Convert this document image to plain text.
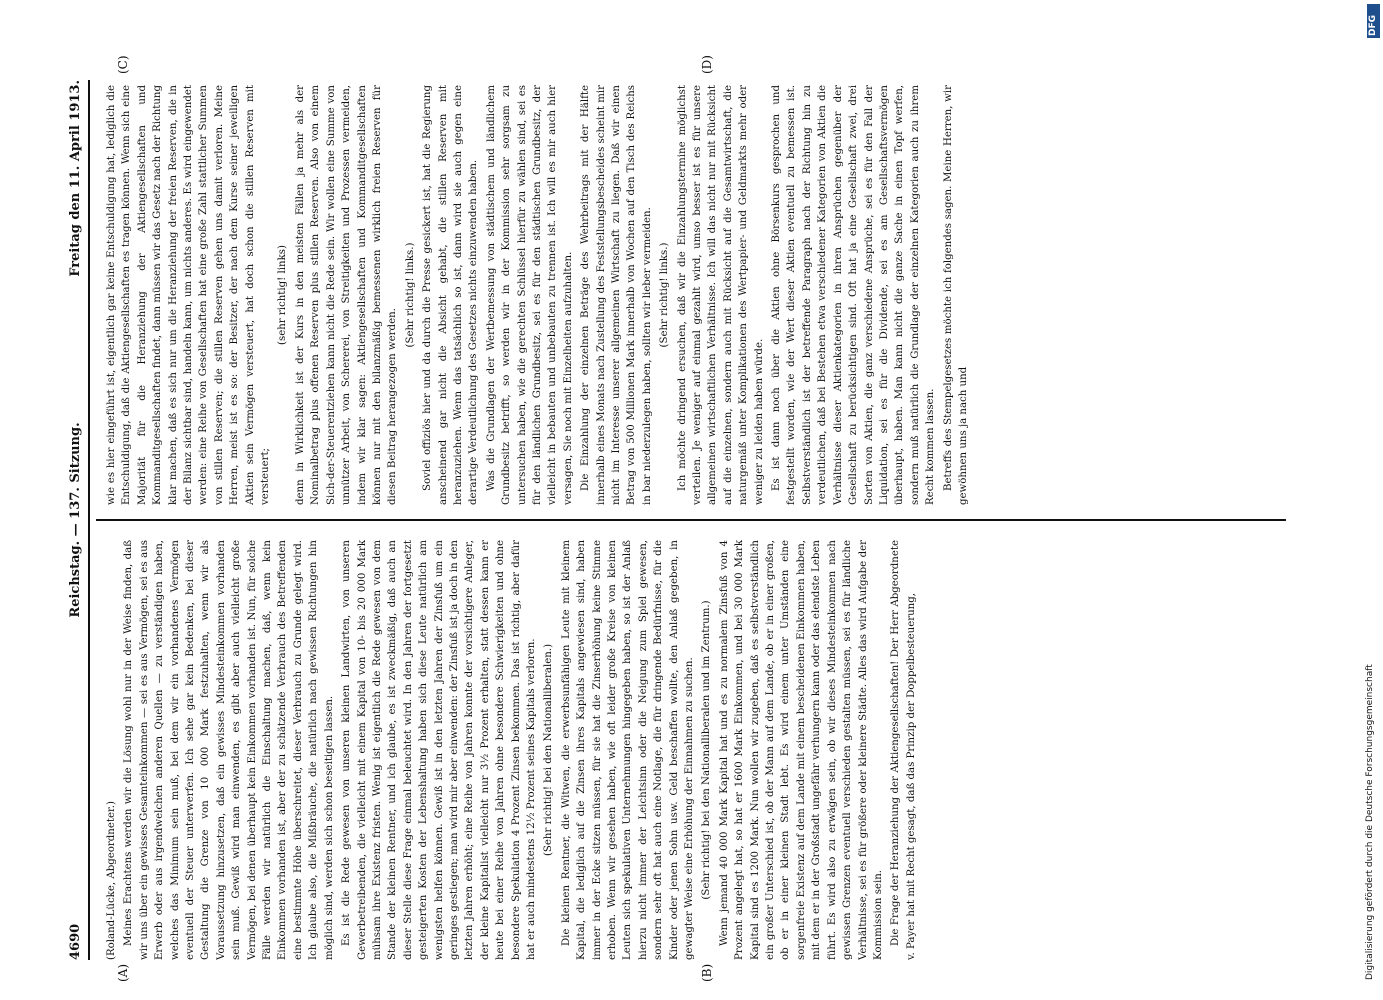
4690
Reichstag. — 137. Sitzung.
Freitag den 11. April 1913.
(A)	(B)
(C)	(D)

(Roland-Lücke, Abgeordneter.) Meines Erachtens werden wir die Lösung wohl nur in der Weise finden, daß wir uns über ein gewisses Gesamteinkommen — sei es aus Vermögen, sei es aus Erwerb oder aus irgendwelchen anderen Quellen — zu verständigen haben, welches das Minimum sein muß, bei dem wir ein vorhandenes Vermögen eventuell der Steuer unterwerfen. Ich sehe gar kein Bedenken, bei dieser Gestaltung die Grenze von 10 000 Mark festzuhalten, wenn wir als Voraussetzung hinzusetzen, daß ein gewisses Mindesteinkommen vorhanden sein muß. Gewiß wird man einwenden, es gibt aber auch vielleicht große Vermögen, bei denen überhaupt kein Einkommen vorhanden ist. Nun, für solche Fälle werden wir natürlich die Einschaltung machen, daß, wenn kein Einkommen vorhanden ist, aber der zu schätzende Verbrauch des Betreffenden eine bestimmte Höhe überschreitet, dieser Verbrauch zu Grunde gelegt wird. Ich glaube also, die Mißbräuche, die natürlich nach gewissen Richtungen hin möglich sind, werden sich schon beseitigen lassen. Es ist die Rede gewesen von unseren kleinen Landwirten, von unseren Gewerbetreibenden, die vielleicht mit einem Kapital von 10- bis 20 000 Mark mühsam ihre Existenz fristen. Wenig ist eigentlich die Rede gewesen von dem Stande der kleinen Rentner, und ich glaube, es ist zweckmäßig, daß auch an dieser Stelle diese Frage einmal beleuchtet wird. In den Jahren der fortgesetzt gesteigerten Kosten der Lebenshaltung haben sich diese Leute natürlich am wenigsten helfen können. Gewiß ist in den letzten Jahren der Zinsfuß um ein geringes gestiegen; man wird mir aber einwenden: der Zinsfuß ist ja doch in den letzten Jahren erhöht; eine Reihe von Jahren konnte der vorsichtigere Anleger, der kleine Kapitalist vielleicht nur 3½ Prozent erhalten, statt dessen kann er heute bei einer Reihe von Jahren ohne besondere Schwierigkeiten und ohne besondere Spekulation 4 Prozent Zinsen bekommen. Das ist richtig, aber dafür hat er auch mindestens 12½ Prozent seines Kapitals verloren. (Sehr richtig! bei den Nationalliberalen.) Die kleinen Rentner, die Witwen, die erwerbsunfähigen Leute mit kleinem Kapital, die lediglich auf die Zinsen ihres Kapitals angewiesen sind, haben immer in der Ecke sitzen müssen, für sie hat die Zinserhöhung keine Stimme erhoben. Wenn wir gesehen haben, wie oft leider große Kreise von kleinen Leuten sich spekulativen Unternehmungen hingegeben haben, so ist der Anlaß hierzu nicht immer der Leichtsinn oder die Neigung zum Spiel gewesen, sondern sehr oft hat auch eine Notlage, die für dringende Bedürfnisse, für die Kinder oder jenen Sohn usw. Geld beschaffen wollte, den Anlaß gegeben, in gewagter Weise eine Erhöhung der Einnahmen zu suchen. (Sehr richtig! bei den Nationalliberalen und im Zentrum.) Wenn jemand 40 000 Mark Kapital hat und es zu normalem Zinsfuß von 4 Prozent angelegt hat, so hat er 1600 Mark Einkommen, und bei 30 000 Mark Kapital sind es 1200 Mark. Nun wollen wir zugeben, daß es selbstverständlich ein großer Unterschied ist, ob der Mann auf dem Lande, ob er in einer großen, ob er in einer kleinen Stadt lebt. Es wird einem unter Umständen eine sorgenfreie Existenz auf dem Lande mit einem bescheidenen Einkommen haben, mit dem er in der Großstadt ungefähr verhungern kann oder das elendste Leben führt. Es wird also zu erwägen sein, ob wir dieses Mindesteinkommen nach gewissen Grenzen eventuell verschieden gestalten müssen, sei es für ländliche Verhältnisse, sei es für größere oder kleinere Städte. Alles das wird Aufgabe der Kommission sein. Die Frage der Heranziehung der Aktiengesellschaften! Der Herr Abgeordnete v. Payer hat mit Recht gesagt, daß das Prinzip der Doppelbesteuerung,

wie es hier eingeführt ist, eigentlich gar keine Entschuldigung hat, lediglich die Entschuldigung, daß die Aktiengesellschaften es tragen können. Wenn sich eine Majorität für die Heranziehung der Aktiengesellschaften und Kommanditgesellschaften findet, dann müssen wir das Gesetz nach der Richtung klar machen, daß es sich nur um die Heranziehung der freien Reserven, die in der Bilanz sichtbar sind, handeln kann, um nichts anderes. Es wird eingewendet werden: eine Reihe von Gesellschaften hat eine große Zahl stattlicher Summen von stillen Reserven; die stillen Reserven gehen uns damit verloren. Meine Herren, meist ist es so: der Besitzer, der nach dem Kurse seiner jeweiligen Aktien sein Vermögen versteuert, hat doch schon die stillen Reserven mit versteuert;

(sehr richtig! links) denn in Wirklichkeit ist der Kurs in den meisten Fällen ja mehr als der Nominalbetrag plus offenen Reserven plus stillen Reserven. Also von einem Sich-der-Steuerentziehen kann nicht die Rede sein. Wir wollen eine Summe von unnützer Arbeit, von Schererei, von Streitigkeiten und Prozessen vermeiden, indem wir klar sagen: Aktiengesellschaften und Kommanditgesellschaften können nur mit den bilanzmäßig bemessenen wirklich freien Reserven für diesen Beitrag herangezogen werden.

(Sehr richtig! links.) Soviel offiziös hier und da durch die Presse gesickert ist, hat die Regierung anscheinend gar nicht die Absicht gehabt, die stillen Reserven mit heranzuziehen. Wenn das tatsächlich so ist, dann wird sie auch gegen eine derartige Verdeutlichung des Gesetzes nichts einzuwenden haben. Was die Grundlagen der Wertbemessung von städtischem und ländlichem Grundbesitz betrifft, so werden wir in der Kommission sehr sorgsam zu untersuchen haben, wie die gerechten Schlüssel hierfür zu wählen sind, sei es für den ländlichen Grundbesitz, sei es für den städtischen Grundbesitz, der vielleicht in bebauten und unbebauten zu trennen ist. Ich will es mir auch hier versagen, Sie noch mit Einzelheiten aufzuhalten. Die Einzahlung der einzelnen Beträge des Wehrbeitrags mit der Hälfte innerhalb eines Monats nach Zustellung des Feststellungsbescheides scheint mir nicht im Interesse unserer allgemeinen Wirtschaft zu liegen. Daß wir einen Betrag von 500 Millionen Mark innerhalb von Wochen auf den Tisch des Reichs in bar niederzulegen haben, sollten wir lieber vermeiden. (Sehr richtig! links.) Ich möchte dringend ersuchen, daß wir die Einzahlungstermine möglichst verteilen. Je weniger auf einmal gezahlt wird, umso besser ist es für unsere allgemeinen wirtschaftlichen Verhältnisse. Ich will das nicht nur mit Rücksicht auf die einzelnen, sondern auch mit Rücksicht auf die Gesamtwirtschaft, die naturgemäß unter Komplikationen des Wertpapier- und Geldmarkts mehr oder weniger zu leiden haben würde. Es ist dann noch über die Aktien ohne Börsenkurs gesprochen und festgestellt worden, wie der Wert dieser Aktien eventuell zu bemessen ist. Selbstverständlich ist der betreffende Paragraph nach der Richtung hin zu verdeutlichen, daß bei Bestehen etwa verschiedener Kategorien von Aktien die Verhältnisse dieser Aktienkategorien in ihren Ansprüchen gegenüber der Gesellschaft zu berücksichtigen sind. Oft hat ja eine Gesellschaft zwei, drei Sorten von Aktien, die ganz verschiedene Ansprüche, sei es für den Fall der Liquidation, sei es für die Dividende, sei es am Gesellschaftsvermögen überhaupt, haben. Man kann nicht die ganze Sache in einen Topf werfen, sondern muß natürlich die Grundlage der einzelnen Kategorien auch zu ihrem Recht kommen lassen. Betreffs des Stempelgesetzes möchte ich folgendes sagen. Meine Herren, wir gewöhnen uns ja nach und

DFG
Digitalisierung gefördert durch die Deutsche Forschungsgemeinschaft
